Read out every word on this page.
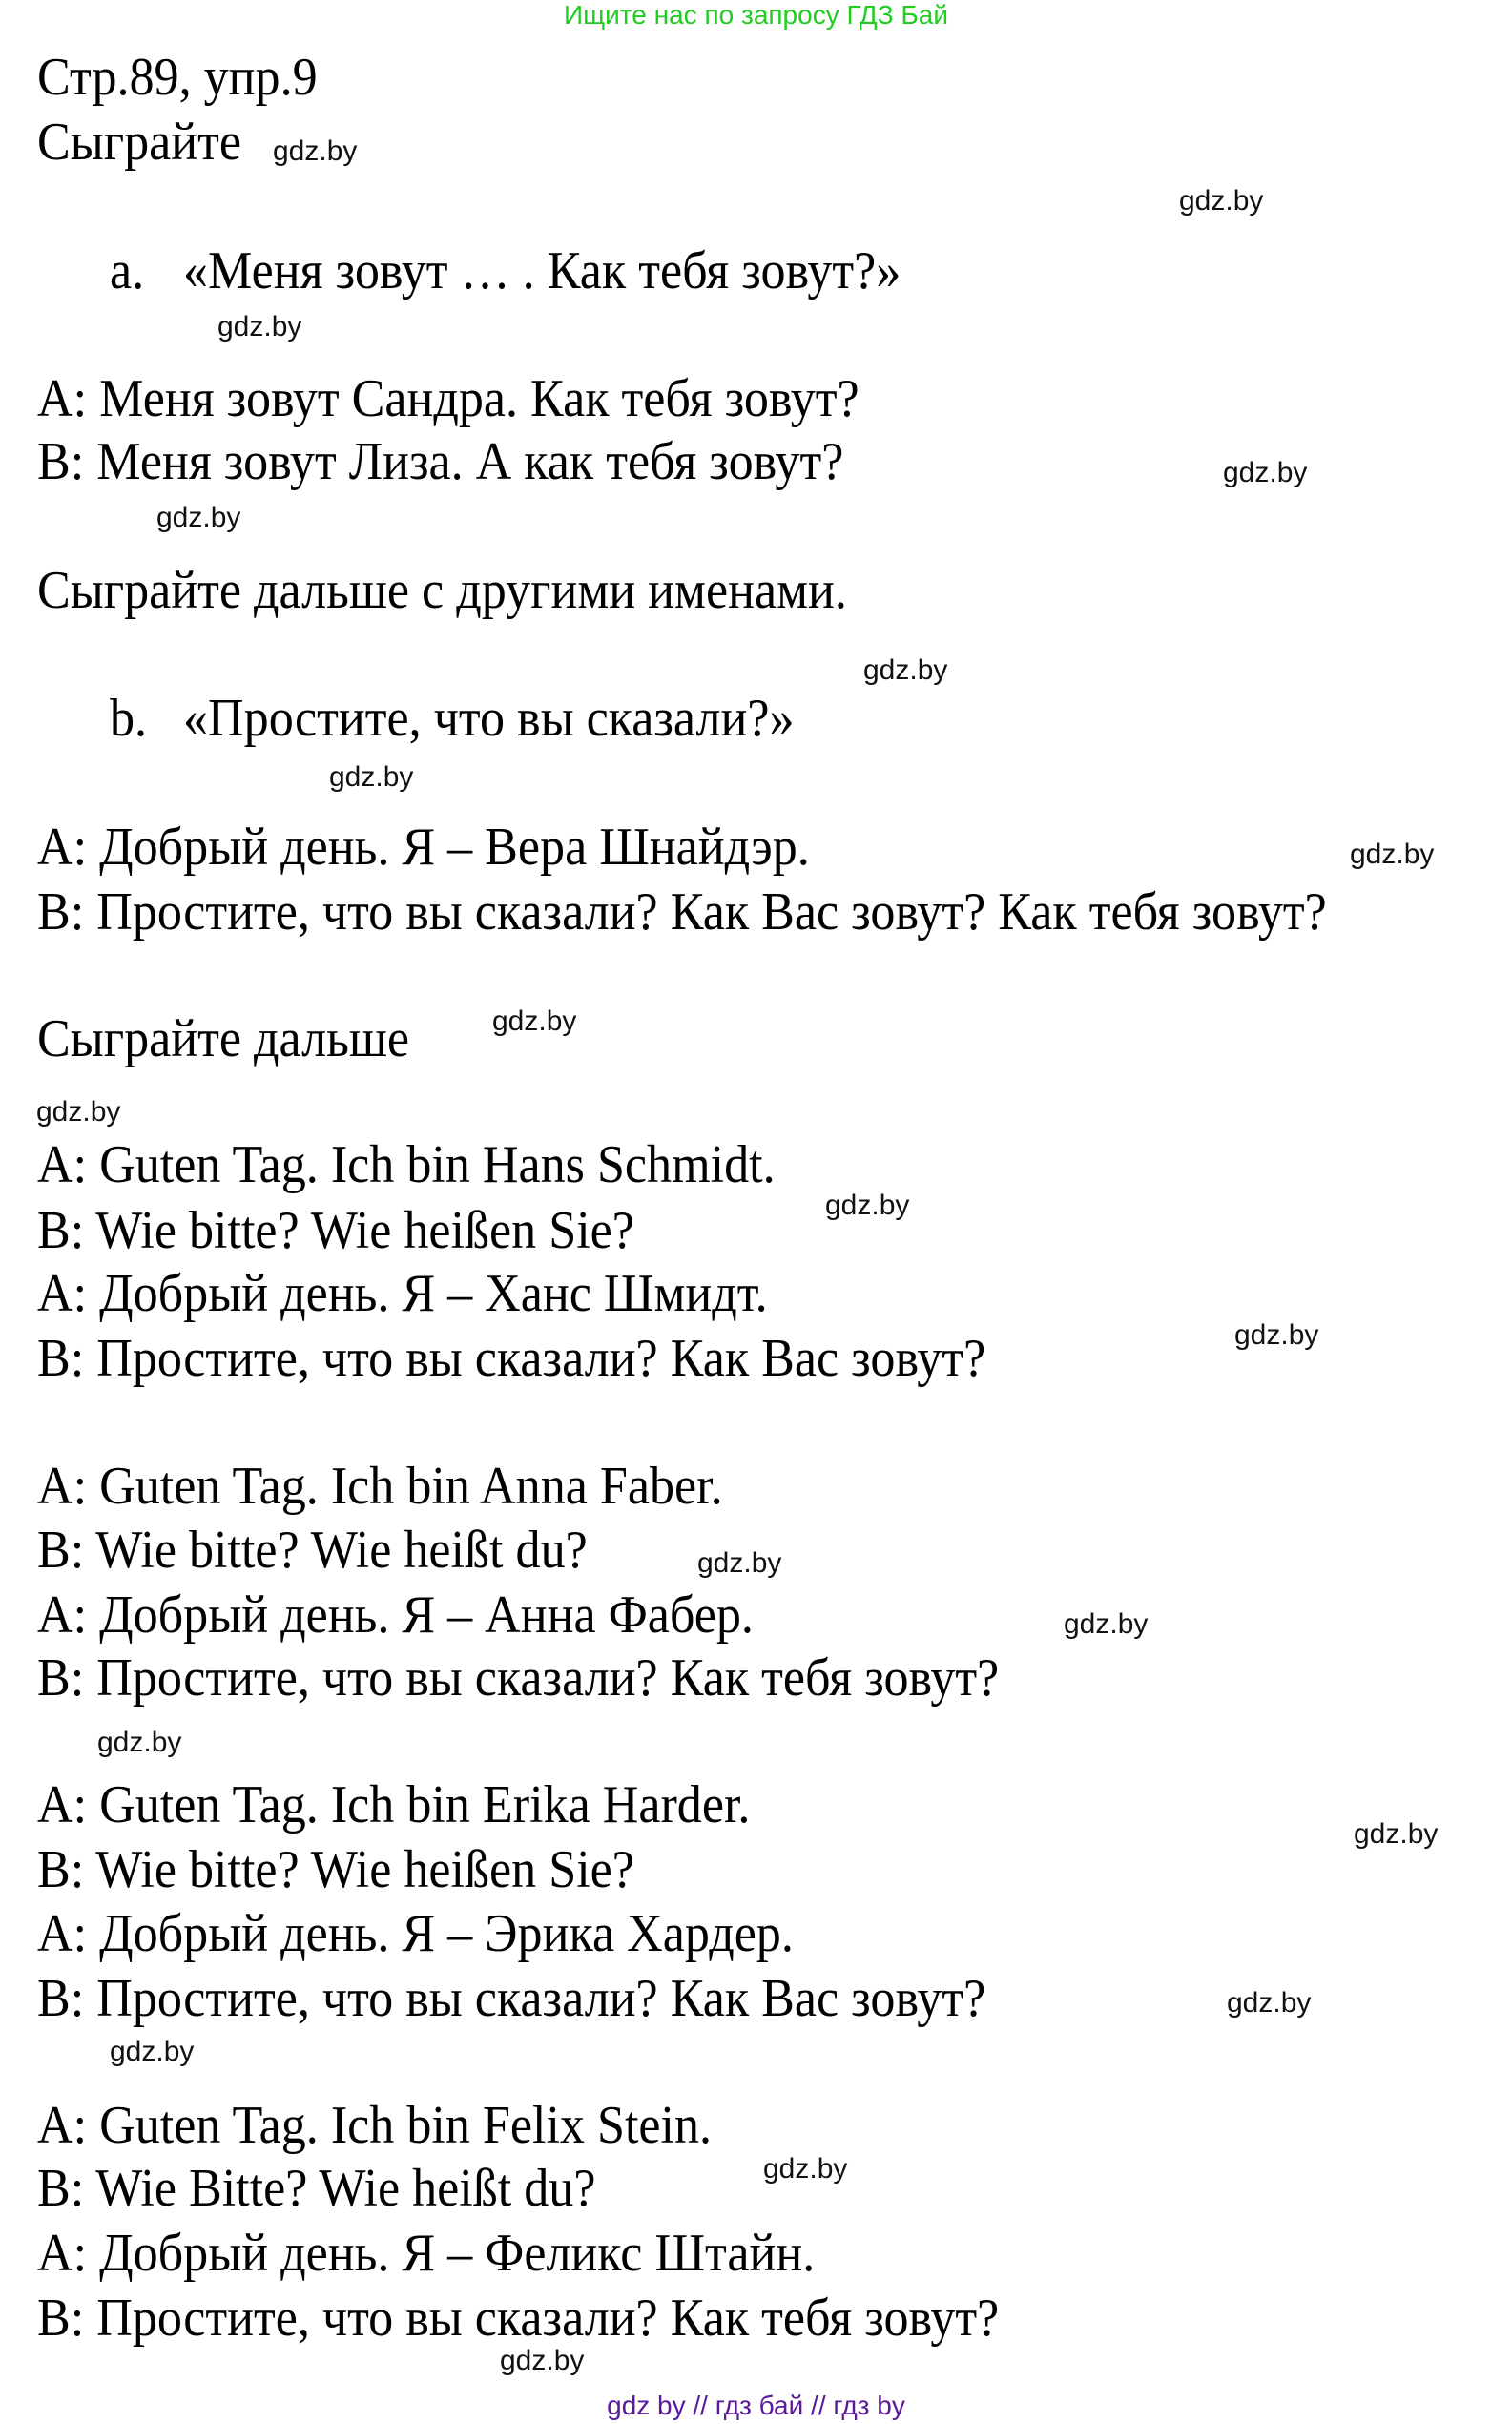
Ищите нас по запросу ГДЗ Бай
gdz by // гдз бай // гдз by
Стр.89, упр.9
Сыграйте
a. «Меня зовут … . Как тебя зовут?»
b. «Простите, что вы сказали?»
A: Меня зовут Сандра. Как тебя зовут?
B: Меня зовут Лиза. А как тебя зовут?
Сыграйте дальше с другими именами.
A: Добрый день. Я – Вера Шнайдэр.
B: Простите, что вы сказали? Как Вас зовут? Как тебя зовут?
Сыграйте дальше
A: Guten Tag. Ich bin Hans Schmidt.
B: Wie bitte? Wie heißen Sie?
A: Добрый день. Я – Ханс Шмидт.
B: Простите, что вы сказали? Как Вас зовут?
A: Guten Tag. Ich bin Anna Faber.
B: Wie bitte? Wie heißt du?
A: Добрый день. Я – Анна Фабер.
B: Простите, что вы сказали? Как тебя зовут?
A: Guten Tag. Ich bin Erika Harder.
B: Wie bitte? Wie heißen Sie?
A: Добрый день. Я – Эрика Хардер.
B: Простите, что вы сказали? Как Вас зовут?
A: Guten Tag. Ich bin Felix Stein.
B: Wie Bitte? Wie heißt du?
A: Добрый день. Я – Феликс Штайн.
B: Простите, что вы сказали? Как тебя зовут?
gdz.by
gdz.by
gdz.by
gdz.by
gdz.by
gdz.by
gdz.by
gdz.by
gdz.by
gdz.by
gdz.by
gdz.by
gdz.by
gdz.by
gdz.by
gdz.by
gdz.by
gdz.by
gdz.by
gdz.by
